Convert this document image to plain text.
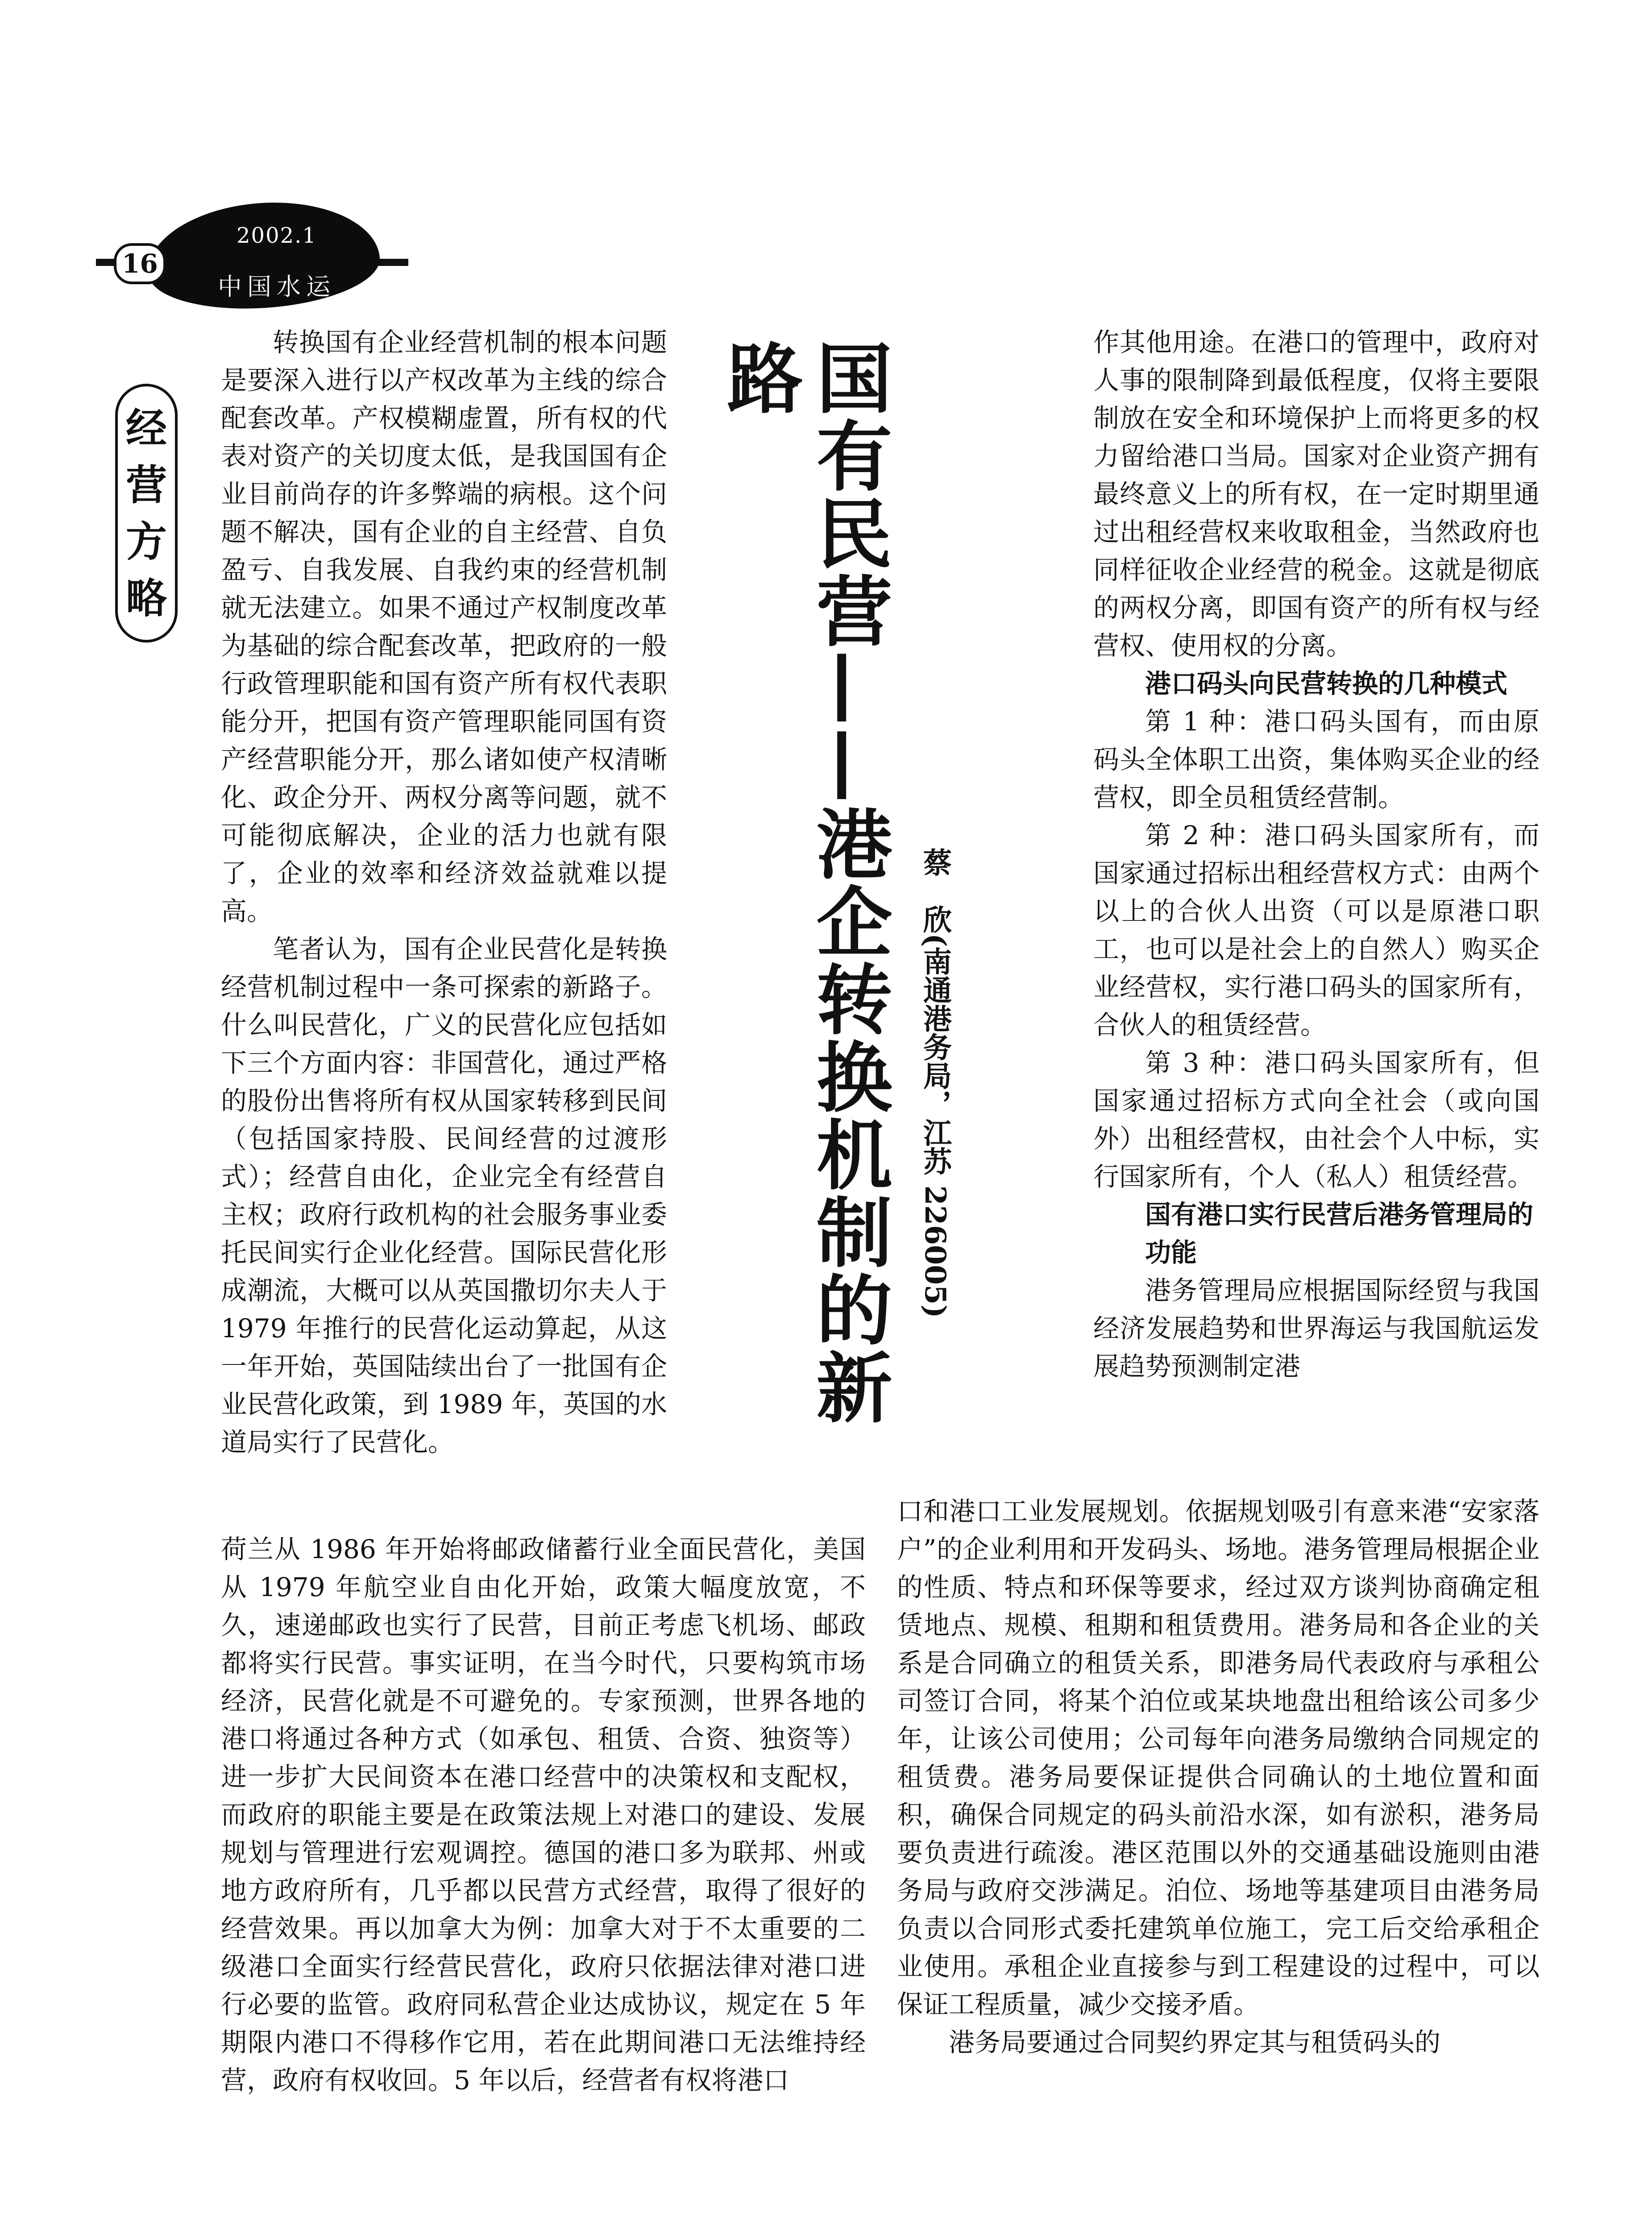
16
2002.1
中国水运
经
营
方
略	国有民营——港企转换机制的新路
蔡　欣(南通港务局，江苏 226005)

转换国有企业经营机制的根本问题是要深入进行以产权改革为主线的综合配套改革。产权模糊虚置，所有权的代表对资产的关切度太低，是我国国有企业目前尚存的许多弊端的病根。这个问题不解决，国有企业的自主经营、自负盈亏、自我发展、自我约束的经营机制就无法建立。如果不通过产权制度改革为基础的综合配套改革，把政府的一般行政管理职能和国有资产所有权代表职能分开，把国有资产管理职能同国有资产经营职能分开，那么诸如使产权清晰化、政企分开、两权分离等问题，就不可能彻底解决，企业的活力也就有限了，企业的效率和经济效益就难以提高。

笔者认为，国有企业民营化是转换经营机制过程中一条可探索的新路子。什么叫民营化，广义的民营化应包括如下三个方面内容：非国营化，通过严格的股份出售将所有权从国家转移到民间（包括国家持股、民间经营的过渡形式）；经营自由化，企业完全有经营自主权；政府行政机构的社会服务事业委托民间实行企业化经营。国际民营化形成潮流，大概可以从英国撒切尔夫人于 1979 年推行的民营化运动算起，从这一年开始，英国陆续出台了一批国有企业民营化政策，到 1989 年，英国的水道局实行了民营化。

荷兰从 1986 年开始将邮政储蓄行业全面民营化，美国从 1979 年航空业自由化开始，政策大幅度放宽，不久，速递邮政也实行了民营，目前正考虑飞机场、邮政都将实行民营。事实证明，在当今时代，只要构筑市场经济，民营化就是不可避免的。专家预测，世界各地的港口将通过各种方式（如承包、租赁、合资、独资等）进一步扩大民间资本在港口经营中的决策权和支配权，而政府的职能主要是在政策法规上对港口的建设、发展规划与管理进行宏观调控。德国的港口多为联邦、州或地方政府所有，几乎都以民营方式经营，取得了很好的经营效果。再以加拿大为例：加拿大对于不太重要的二级港口全面实行经营民营化，政府只依据法律对港口进行必要的监管。政府同私营企业达成协议，规定在 5 年期限内港口不得移作它用，若在此期间港口无法维持经营，政府有权收回。5 年以后，经营者有权将港口

作其他用途。在港口的管理中，政府对人事的限制降到最低程度，仅将主要限制放在安全和环境保护上而将更多的权力留给港口当局。国家对企业资产拥有最终意义上的所有权，在一定时期里通过出租经营权来收取租金，当然政府也同样征收企业经营的税金。这就是彻底的两权分离，即国有资产的所有权与经营权、使用权的分离。

港口码头向民营转换的几种模式

第 1 种：港口码头国有，而由原码头全体职工出资，集体购买企业的经营权，即全员租赁经营制。

第 2 种：港口码头国家所有，而国家通过招标出租经营权方式：由两个以上的合伙人出资（可以是原港口职工，也可以是社会上的自然人）购买企业经营权，实行港口码头的国家所有，合伙人的租赁经营。

第 3 种：港口码头国家所有，但国家通过招标方式向全社会（或向国外）出租经营权，由社会个人中标，实行国家所有，个人（私人）租赁经营。

国有港口实行民营后港务管理局的功能

港务管理局应根据国际经贸与我国经济发展趋势和世界海运与我国航运发展趋势预测制定港

口和港口工业发展规划。依据规划吸引有意来港“安家落户”的企业利用和开发码头、场地。港务管理局根据企业的性质、特点和环保等要求，经过双方谈判协商确定租赁地点、规模、租期和租赁费用。港务局和各企业的关系是合同确立的租赁关系，即港务局代表政府与承租公司签订合同，将某个泊位或某块地盘出租给该公司多少年，让该公司使用；公司每年向港务局缴纳合同规定的租赁费。港务局要保证提供合同确认的土地位置和面积，确保合同规定的码头前沿水深，如有淤积，港务局要负责进行疏浚。港区范围以外的交通基础设施则由港务局与政府交涉满足。泊位、场地等基建项目由港务局负责以合同形式委托建筑单位施工，完工后交给承租企业使用。承租企业直接参与到工程建设的过程中，可以保证工程质量，减少交接矛盾。

港务局要通过合同契约界定其与租赁码头的
